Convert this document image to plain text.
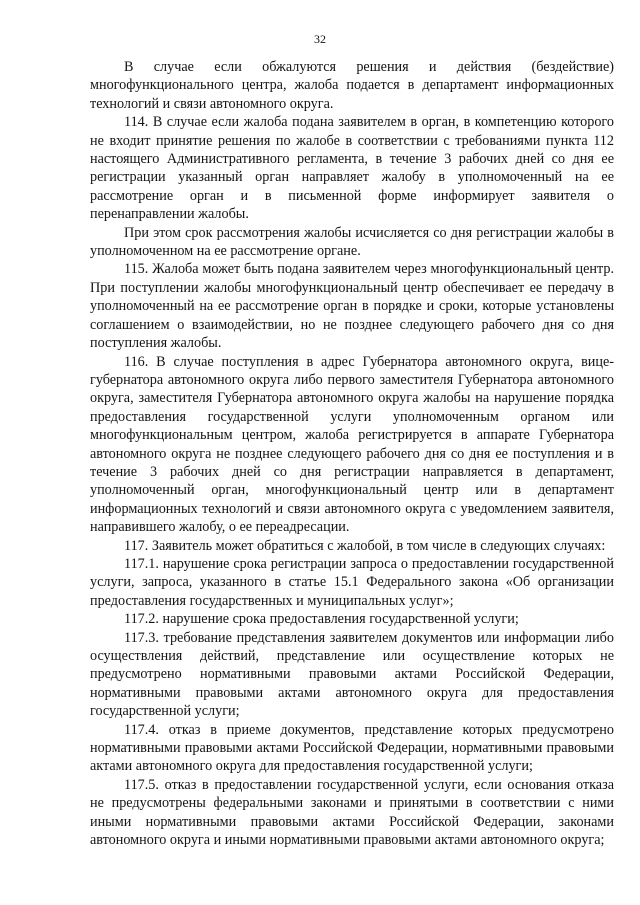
32

В случае если обжалуются решения и действия (бездействие) многофункционального центра, жалоба подается в департамент информационных технологий и связи автономного округа.

114. В случае если жалоба подана заявителем в орган, в компетенцию которого не входит принятие решения по жалобе в соответствии с требованиями пункта 112 настоящего Административного регламента, в течение 3 рабочих дней со дня ее регистрации указанный орган направляет жалобу в уполномоченный на ее рассмотрение орган и в письменной форме информирует заявителя о перенаправлении жалобы.

При этом срок рассмотрения жалобы исчисляется со дня регистрации жалобы в уполномоченном на ее рассмотрение органе.

115. Жалоба может быть подана заявителем через многофункциональный центр. При поступлении жалобы многофункциональный центр обеспечивает ее передачу в уполномоченный на ее рассмотрение орган в порядке и сроки, которые установлены соглашением о взаимодействии, но не позднее следующего рабочего дня со дня поступления жалобы.

116. В случае поступления в адрес Губернатора автономного округа, вице-губернатора автономного округа либо первого заместителя Губернатора автономного округа, заместителя Губернатора автономного округа жалобы на нарушение порядка предоставления государственной услуги уполномоченным органом или многофункциональным центром, жалоба регистрируется в аппарате Губернатора автономного округа не позднее следующего рабочего дня со дня ее поступления и в течение 3 рабочих дней со дня регистрации направляется в департамент, уполномоченный орган, многофункциональный центр или в департамент информационных технологий и связи автономного округа с уведомлением заявителя, направившего жалобу, о ее переадресации.

117. Заявитель может обратиться с жалобой, в том числе в следующих случаях:

117.1. нарушение срока регистрации запроса о предоставлении государственной услуги, запроса, указанного в статье 15.1 Федерального закона «Об организации предоставления государственных и муниципальных услуг»;

117.2. нарушение срока предоставления государственной услуги;

117.3. требование представления заявителем документов или информации либо осуществления действий, представление или осуществление которых не предусмотрено нормативными правовыми актами Российской Федерации, нормативными правовыми актами автономного округа для предоставления государственной услуги;

117.4. отказ в приеме документов, представление которых предусмотрено нормативными правовыми актами Российской Федерации, нормативными правовыми актами автономного округа для предоставления государственной услуги;

117.5. отказ в предоставлении государственной услуги, если основания отказа не предусмотрены федеральными законами и принятыми в соответствии с ними иными нормативными правовыми актами Российской Федерации, законами автономного округа и иными нормативными правовыми актами автономного округа;
